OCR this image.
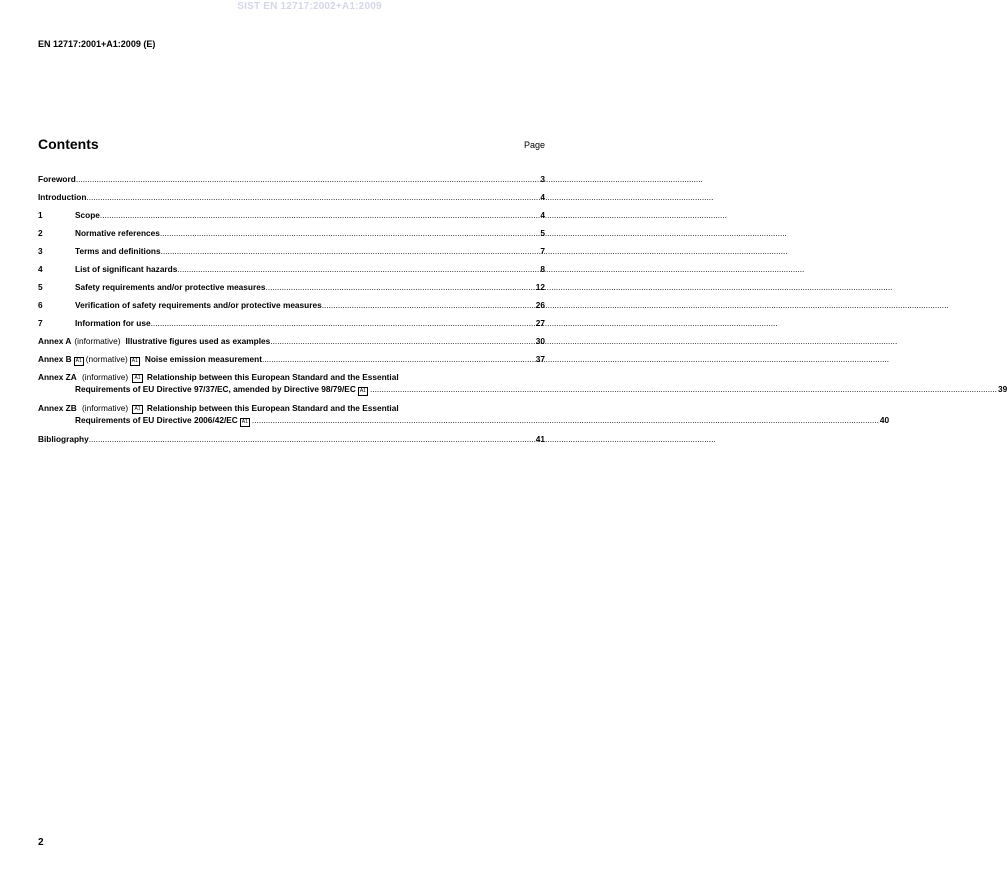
SIST EN 12717:2002+A1:2009
EN 12717:2001+A1:2009 (E)
Contents	Page
Foreword .....	3
Introduction .....	4
1	Scope .....	4
2	Normative references .....	5
3	Terms and definitions .....	7
4	List of significant hazards .....	8
5	Safety requirements and/or protective measures .....	12
6	Verification of safety requirements and/or protective measures .....	26
7	Information for use .....	27
Annex A (informative) Illustrative figures used as examples .....	30
Annex B A1 (normative) A1 Noise emission measurement .....	37
Annex ZA (informative) A1 Relationship between this European Standard and the Essential
Requirements of EU Directive 97/37/EC, amended by Directive 98/79/EC A1 .....	39
Annex ZB (informative) A1 Relationship between this European Standard and the Essential
Requirements of EU Directive 2006/42/EC A1 .....	40
Bibliography .....	41
2
